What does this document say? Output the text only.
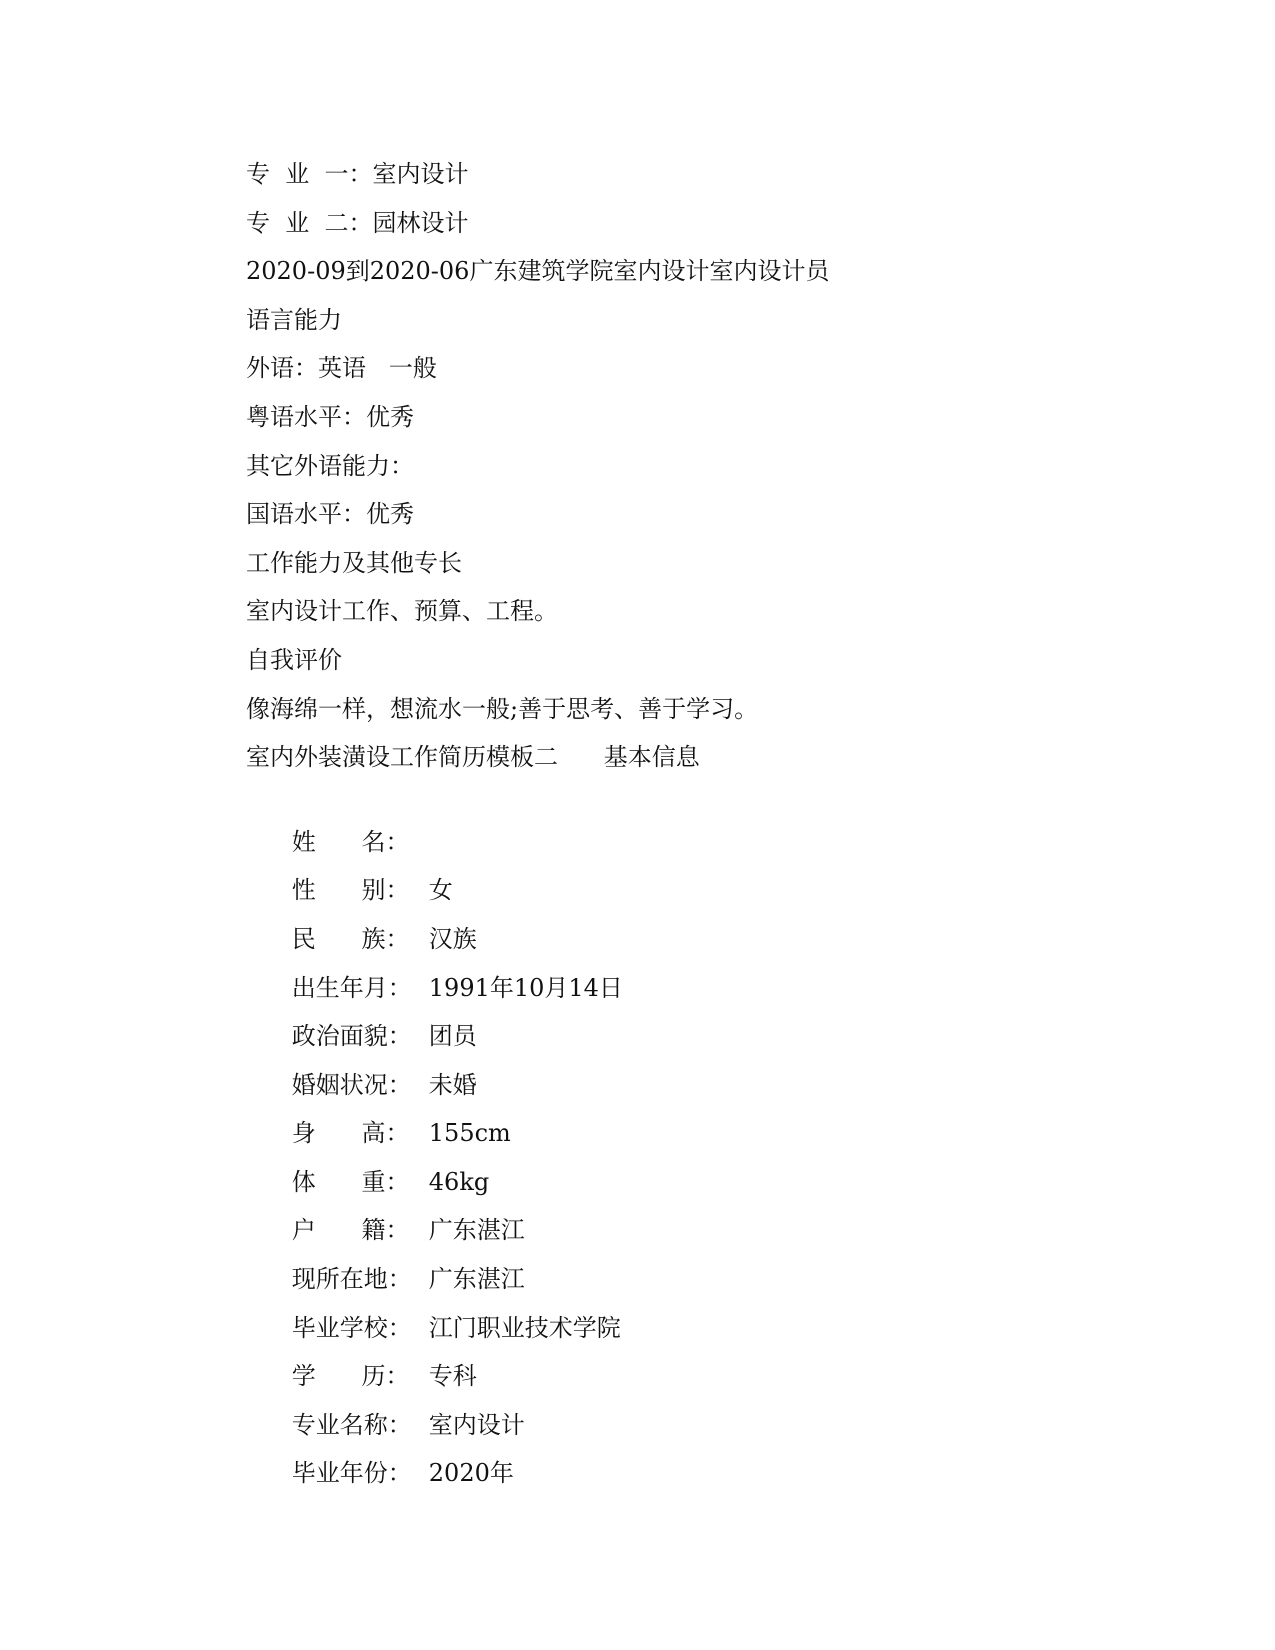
专  业  一：室内设计
专  业  二：园林设计
2020-09到2020-06广东建筑学院室内设计室内设计员
语言能力
外语：英语   一般
粤语水平：优秀
其它外语能力：
国语水平：优秀
工作能力及其他专长
室内设计工作、预算、工程。
自我评价
像海绵一样，想流水一般;善于思考、善于学习。
室内外装潢设工作简历模板二      基本信息

姓      名：

性      别： 女

民      族： 汉族

出生年月： 1991年10月14日

政治面貌： 团员

婚姻状况： 未婚

身      高： 155cm

体      重： 46kg

户      籍： 广东湛江

现所在地： 广东湛江

毕业学校： 江门职业技术学院

学      历： 专科

专业名称： 室内设计

毕业年份： 2020年
